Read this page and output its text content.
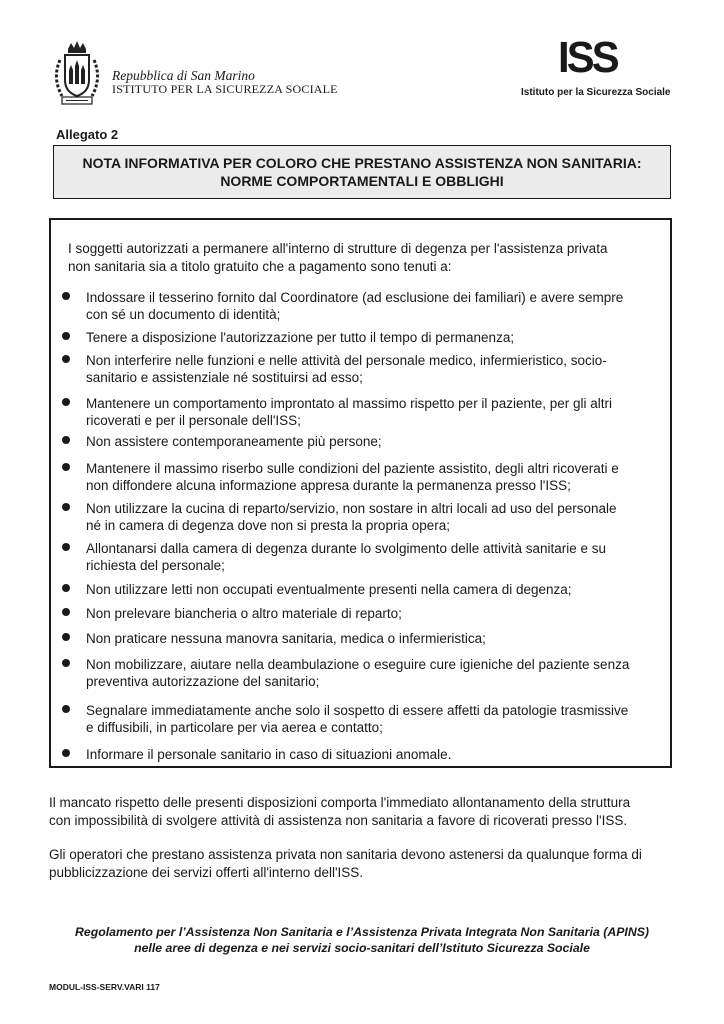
Repubblica di San Marino
ISTITUTO PER LA SICUREZZA SOCIALE
ISS
Istituto per la Sicurezza Sociale
Allegato 2
NOTA INFORMATIVA PER COLORO CHE PRESTANO ASSISTENZA NON SANITARIA:
NORME COMPORTAMENTALI E OBBLIGHI
I soggetti autorizzati a permanere all'interno di strutture di degenza per l'assistenza privata
non sanitaria sia a titolo gratuito che a pagamento sono tenuti a:
Indossare il tesserino fornito dal Coordinatore (ad esclusione dei familiari) e avere sempre
con sé un documento di identità;
Tenere a disposizione l'autorizzazione per tutto il tempo di permanenza;
Non interferire nelle funzioni e nelle attività del personale medico, infermieristico, socio-
sanitario e assistenziale né sostituirsi ad esso;
Mantenere un comportamento improntato al massimo rispetto per il paziente, per gli altri
ricoverati e per il personale dell'ISS;
Non assistere contemporaneamente più persone;
Mantenere il massimo riserbo sulle condizioni del paziente assistito, degli altri ricoverati e
non diffondere alcuna informazione appresa durante la permanenza presso l'ISS;
Non utilizzare la cucina di reparto/servizio, non sostare in altri locali ad uso del personale
né in camera di degenza dove non si presta la propria opera;
Allontanarsi dalla camera di degenza durante lo svolgimento delle attività sanitarie e su
richiesta del personale;
Non utilizzare letti non occupati eventualmente presenti nella camera di degenza;
Non prelevare biancheria o altro materiale di reparto;
Non praticare nessuna manovra sanitaria, medica o infermieristica;
Non mobilizzare, aiutare nella deambulazione o eseguire cure igieniche del paziente senza
preventiva autorizzazione del sanitario;
Segnalare immediatamente anche solo il sospetto di essere affetti da patologie trasmissive
e diffusibili, in particolare per via aerea e contatto;
Informare il personale sanitario in caso di situazioni anomale.
Il mancato rispetto delle presenti disposizioni comporta l'immediato allontanamento della struttura
con impossibilità di svolgere attività di assistenza non sanitaria a favore di ricoverati presso l'ISS.
Gli operatori che prestano assistenza privata non sanitaria devono astenersi da qualunque forma di
pubblicizzazione dei servizi offerti all'interno dell'ISS.
Regolamento per l’Assistenza Non Sanitaria e l’Assistenza Privata Integrata Non Sanitaria (APINS)
nelle aree di degenza e nei servizi socio-sanitari dell’Istituto Sicurezza Sociale
MODUL-ISS-SERV.VARI 117
